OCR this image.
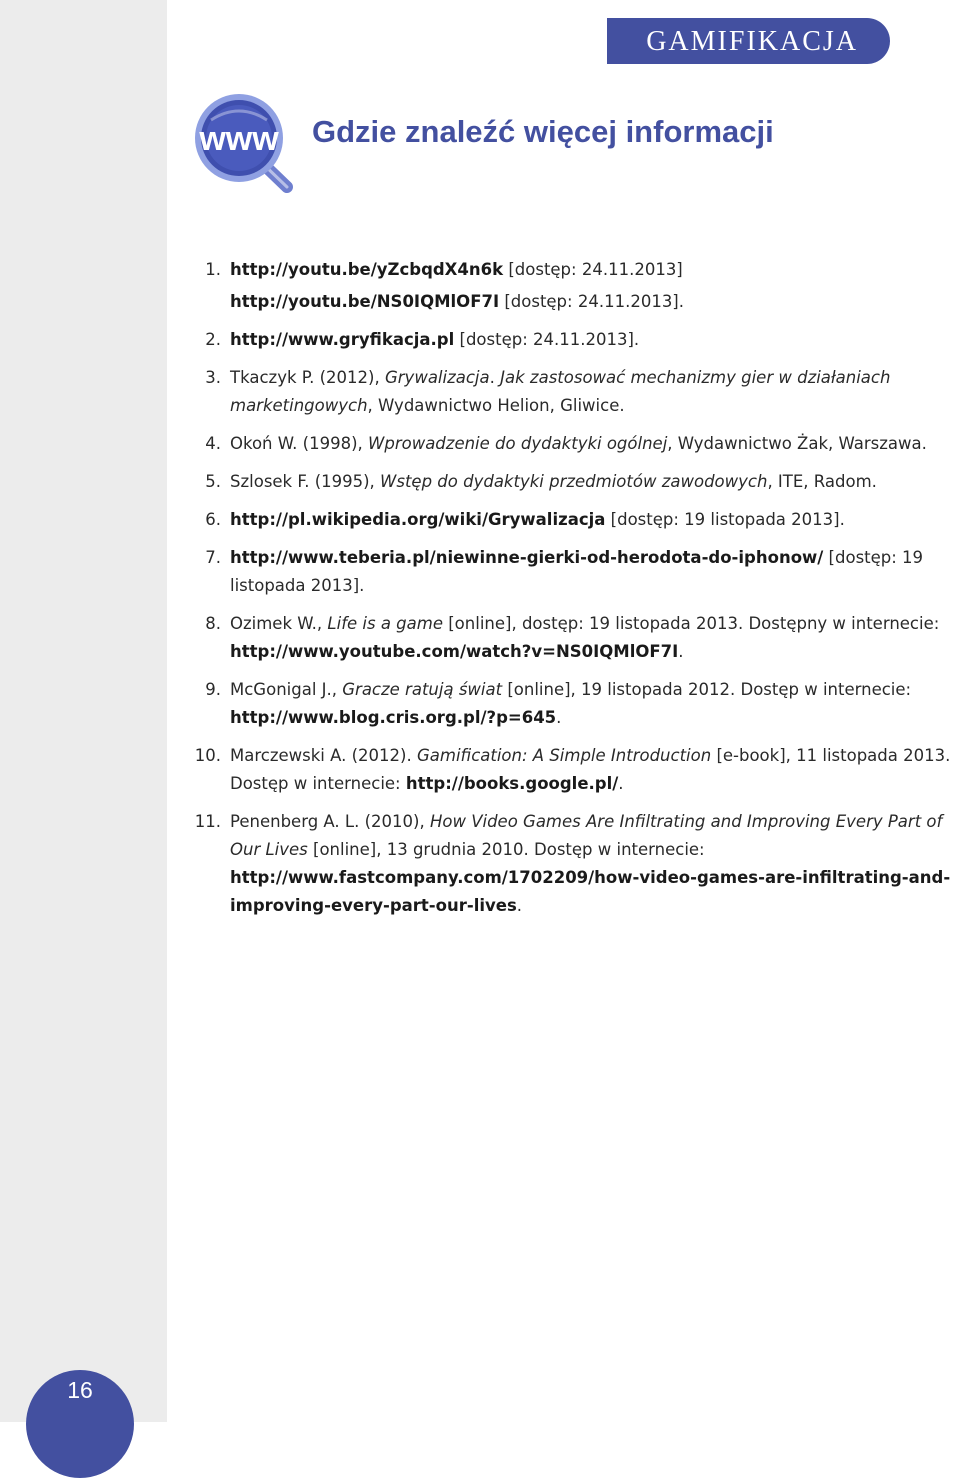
GAMIFIKACJA
www Gdzie znaleźć więcej informacji
1. http://youtu.be/yZcbqdX4n6k [dostęp: 24.11.2013]
http://youtu.be/NS0IQMlOF7I [dostęp: 24.11.2013].
2. http://www.gryfikacja.pl [dostęp: 24.11.2013].
3. Tkaczyk P. (2012), Grywalizacja. Jak zastosować mechanizmy gier w działaniach marketingowych, Wydawnictwo Helion, Gliwice.
4. Okoń W. (1998), Wprowadzenie do dydaktyki ogólnej, Wydawnictwo Żak, Warszawa.
5. Szlosek F. (1995), Wstęp do dydaktyki przedmiotów zawodowych, ITE, Radom.
6. http://pl.wikipedia.org/wiki/Grywalizacja [dostęp: 19 listopada 2013].
7. http://www.teberia.pl/niewinne-gierki-od-herodota-do-iphonow/ [dostęp: 19 listopada 2013].
8. Ozimek W., Life is a game [online], dostęp: 19 listopada 2013. Dostępny w internecie: http://www.youtube.com/watch?v=NS0IQMlOF7I.
9. McGonigal J., Gracze ratują świat [online], 19 listopada 2012. Dostęp w internecie: http://www.blog.cris.org.pl/?p=645.
10. Marczewski A. (2012). Gamification: A Simple Introduction [e-book], 11 listopada 2013. Dostęp w internecie: http://books.google.pl/.
11. Penenberg A. L. (2010), How Video Games Are Infiltrating and Improving Every Part of Our Lives [online], 13 grudnia 2010. Dostęp w internecie: http://www.fastcompany.com/1702209/how-video-games-are-infiltrating-and-improving-every-part-our-lives.
16
